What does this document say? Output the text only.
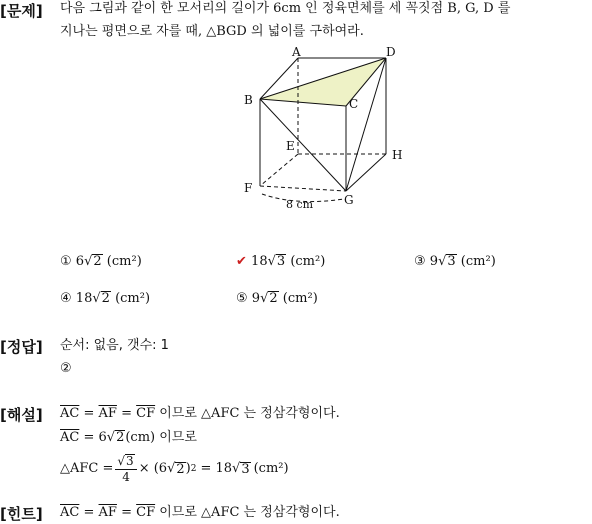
[문제] 다음 그림과 같이 한 모서리의 길이가 6cm 인 정육면체를 세 꼭짓점 B, G, D 를
지나는 평면으로 자를 때, △BGD 의 넓이를 구하여라.
A
B	C
D
E
F
G
H
8 cm
① 6√2 (cm²)	✔ 18√3 (cm²)	③ 9√3 (cm²)
④ 18√2 (cm²)	⑤ 9√2 (cm²)
[정답] 순서: 없음, 갯수: 1
②
[해설] $\overline{AC} = \overline{AF} = \overline{CF}$ 이므로 △AFC 는 정삼각형이다.
$\overline{AC} = 6√2(cm)$ 이므로
△AFC = $\frac{√3}{4} \times (6$ √ 2 ) 2 = 18 √ 3 (cm²)
[힌트] $\overline{AC} = \overline{AF} = \overline{CF}$ 이므로 △AFC 는 정삼각형이다.
